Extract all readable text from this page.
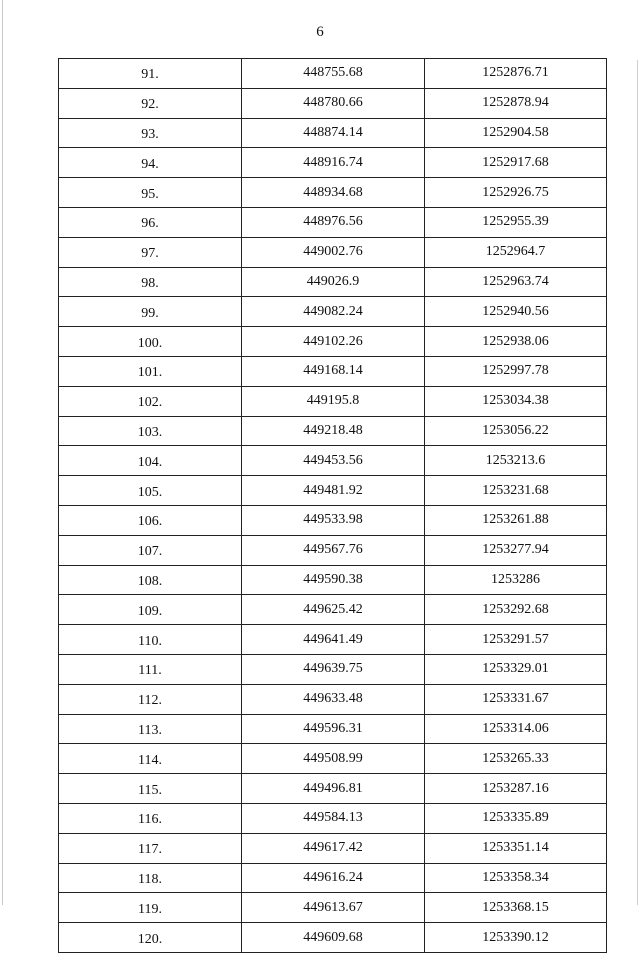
6
91.	448755.68	1252876.71
92.	448780.66	1252878.94
93.	448874.14	1252904.58
94.	448916.74	1252917.68
95.	448934.68	1252926.75
96.	448976.56	1252955.39
97.	449002.76	1252964.7
98.	449026.9	1252963.74
99.	449082.24	1252940.56
100.	449102.26	1252938.06
101.	449168.14	1252997.78
102.	449195.8	1253034.38
103.	449218.48	1253056.22
104.	449453.56	1253213.6
105.	449481.92	1253231.68
106.	449533.98	1253261.88
107.	449567.76	1253277.94
108.	449590.38	1253286
109.	449625.42	1253292.68
110.	449641.49	1253291.57
111.	449639.75	1253329.01
112.	449633.48	1253331.67
113.	449596.31	1253314.06
114.	449508.99	1253265.33
115.	449496.81	1253287.16
116.	449584.13	1253335.89
117.	449617.42	1253351.14
118.	449616.24	1253358.34
119.	449613.67	1253368.15
120.	449609.68	1253390.12
